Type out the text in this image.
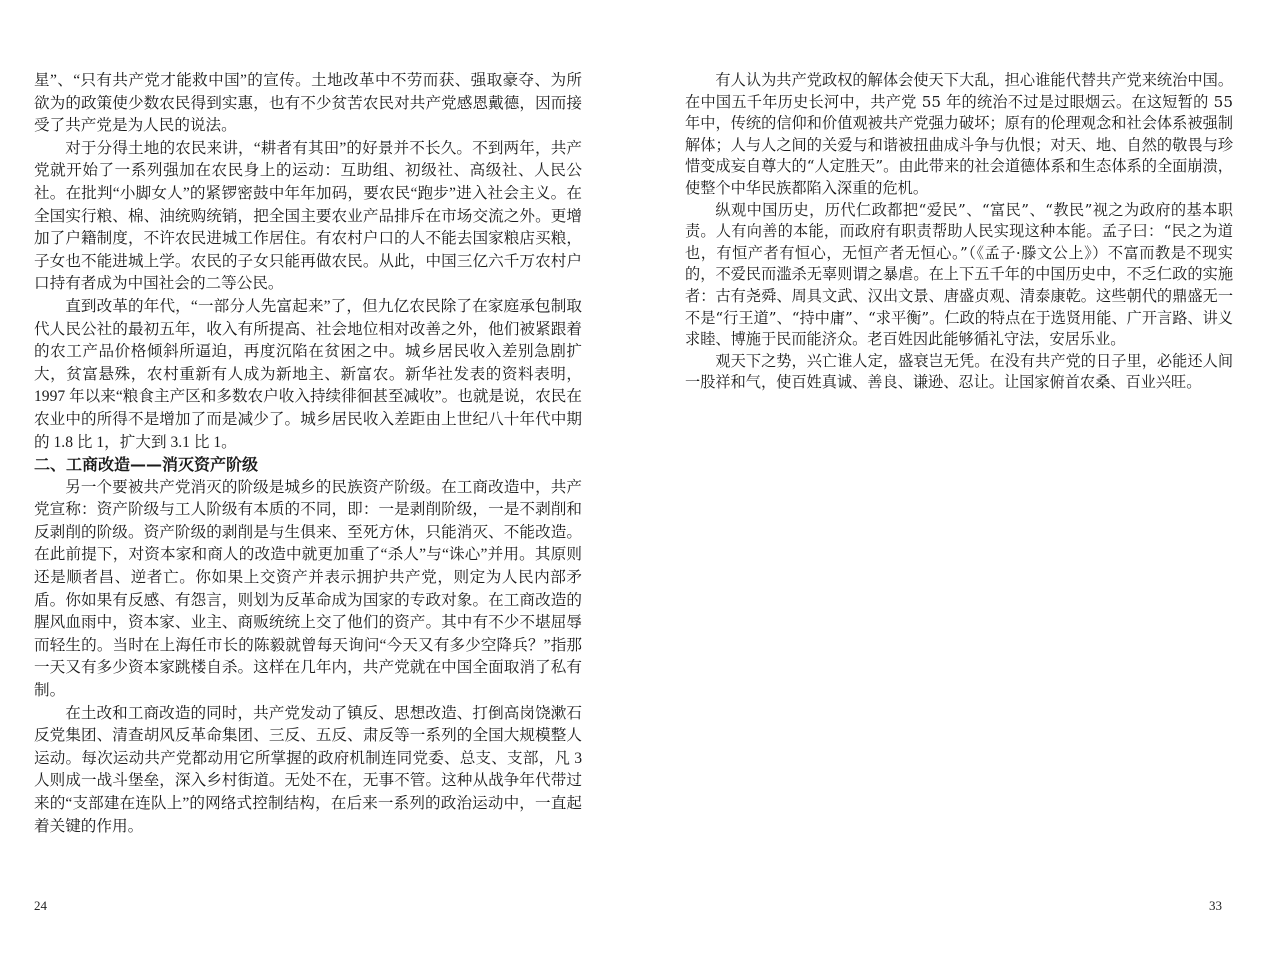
星”、“只有共产党才能救中国”的宣传。土地改革中不劳而获、强取豪夺、为所欲为的政策使少数农民得到实惠，也有不少贫苦农民对共产党感恩戴德，因而接受了共产党是为人民的说法。

对于分得土地的农民来讲，“耕者有其田”的好景并不长久。不到两年，共产党就开始了一系列强加在农民身上的运动：互助组、初级社、高级社、人民公社。在批判“小脚女人”的紧锣密鼓中年年加码，要农民“跑步”进入社会主义。在全国实行粮、棉、油统购统销，把全国主要农业产品排斥在市场交流之外。更增加了户籍制度，不许农民进城工作居住。有农村户口的人不能去国家粮店买粮，子女也不能进城上学。农民的子女只能再做农民。从此，中国三亿六千万农村户口持有者成为中国社会的二等公民。

直到改革的年代，“一部分人先富起来”了，但九亿农民除了在家庭承包制取代人民公社的最初五年，收入有所提高、社会地位相对改善之外，他们被紧跟着的农工产品价格倾斜所逼迫，再度沉陷在贫困之中。城乡居民收入差别急剧扩大，贫富悬殊，农村重新有人成为新地主、新富农。新华社发表的资料表明，1997 年以来“粮食主产区和多数农户收入持续徘徊甚至减收”。也就是说，农民在农业中的所得不是增加了而是减少了。城乡居民收入差距由上世纪八十年代中期的 1.8 比 1，扩大到 3.1 比 1。

二、工商改造——消灭资产阶级

另一个要被共产党消灭的阶级是城乡的民族资产阶级。在工商改造中，共产党宣称：资产阶级与工人阶级有本质的不同，即：一是剥削阶级，一是不剥削和反剥削的阶级。资产阶级的剥削是与生俱来、至死方休，只能消灭、不能改造。在此前提下，对资本家和商人的改造中就更加重了“杀人”与“诛心”并用。其原则还是顺者昌、逆者亡。你如果上交资产并表示拥护共产党，则定为人民内部矛盾。你如果有反感、有怨言，则划为反革命成为国家的专政对象。在工商改造的腥风血雨中，资本家、业主、商贩统统上交了他们的资产。其中有不少不堪屈辱而轻生的。当时在上海任市长的陈毅就曾每天询问“今天又有多少空降兵？”指那一天又有多少资本家跳楼自杀。这样在几年内，共产党就在中国全面取消了私有制。

在土改和工商改造的同时，共产党发动了镇反、思想改造、打倒高岗饶漱石反党集团、清查胡风反革命集团、三反、五反、肃反等一系列的全国大规模整人运动。每次运动共产党都动用它所掌握的政府机制连同党委、总支、支部，凡 3 人则成一战斗堡垒，深入乡村街道。无处不在，无事不管。这种从战争年代带过来的“支部建在连队上”的网络式控制结构，在后来一系列的政治运动中，一直起着关键的作用。

24

有人认为共产党政权的解体会使天下大乱，担心谁能代替共产党来统治中国。在中国五千年历史长河中，共产党 55 年的统治不过是过眼烟云。在这短暂的 55 年中，传统的信仰和价值观被共产党强力破坏；原有的伦理观念和社会体系被强制解体；人与人之间的关爱与和谐被扭曲成斗争与仇恨；对天、地、自然的敬畏与珍惜变成妄自尊大的“人定胜天”。由此带来的社会道德体系和生态体系的全面崩溃，使整个中华民族都陷入深重的危机。

纵观中国历史，历代仁政都把“爱民”、“富民”、“教民”视之为政府的基本职责。人有向善的本能，而政府有职责帮助人民实现这种本能。孟子曰：“民之为道也，有恒产者有恒心，无恒产者无恒心。”（《孟子·滕文公上》）不富而教是不现实的，不爱民而滥杀无辜则谓之暴虐。在上下五千年的中国历史中，不乏仁政的实施者：古有尧舜、周具文武、汉出文景、唐盛贞观、清泰康乾。这些朝代的鼎盛无一不是“行王道”、“持中庸”、“求平衡”。仁政的特点在于选贤用能、广开言路、讲义求睦、博施于民而能济众。老百姓因此能够循礼守法，安居乐业。

观天下之势，兴亡谁人定，盛衰岂无凭。在没有共产党的日子里，必能还人间一股祥和气，使百姓真诚、善良、谦逊、忍让。让国家俯首农桑、百业兴旺。

33
